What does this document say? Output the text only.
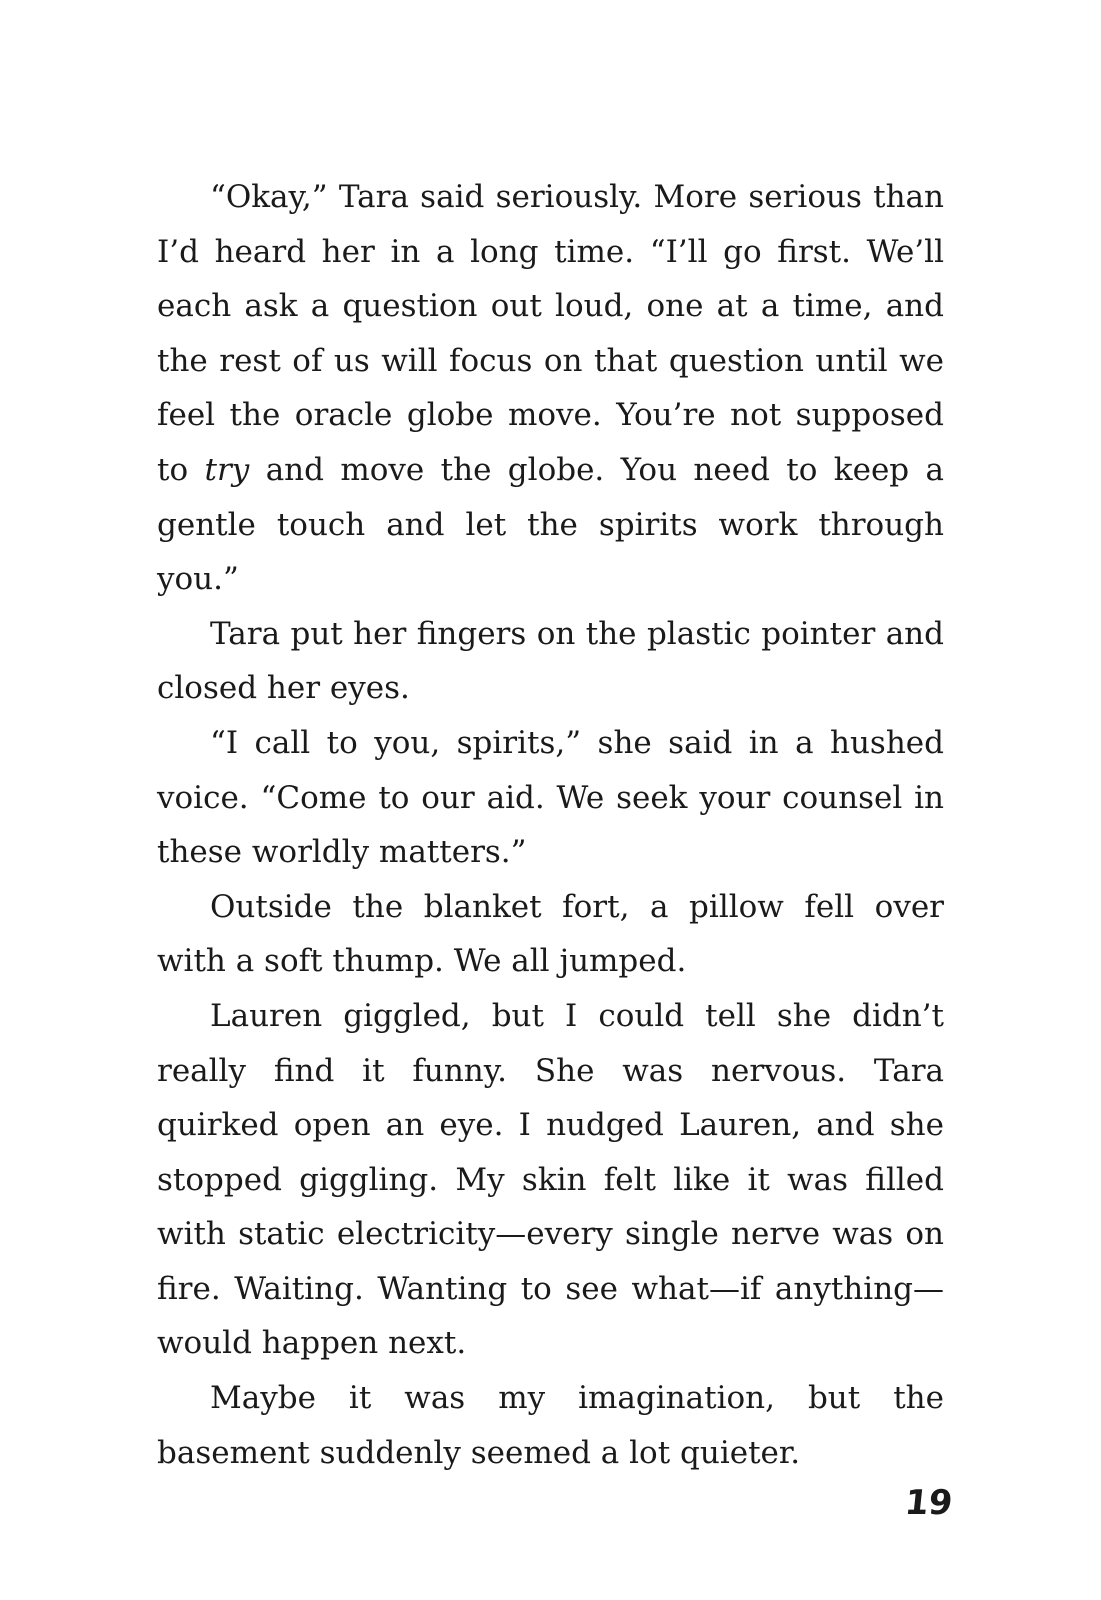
“Okay,” Tara said seriously. More serious than I’d heard her in a long time. “I’ll go first. We’ll each ask a question out loud, one at a time, and the rest of us will focus on that question until we feel the oracle globe move. You’re not supposed to try and move the globe. You need to keep a gentle touch and let the spirits work through you.”

Tara put her fingers on the plastic pointer and closed her eyes.

“I call to you, spirits,” she said in a hushed voice. “Come to our aid. We seek your counsel in these worldly matters.”

Outside the blanket fort, a pillow fell over with a soft thump. We all jumped.

Lauren giggled, but I could tell she didn’t really find it funny. She was nervous. Tara quirked open an eye. I nudged Lauren, and she stopped giggling. My skin felt like it was filled with static electricity—every single nerve was on fire. Waiting. Wanting to see what—if anything—would happen next.

Maybe it was my imagination, but the basement suddenly seemed a lot quieter.

19
